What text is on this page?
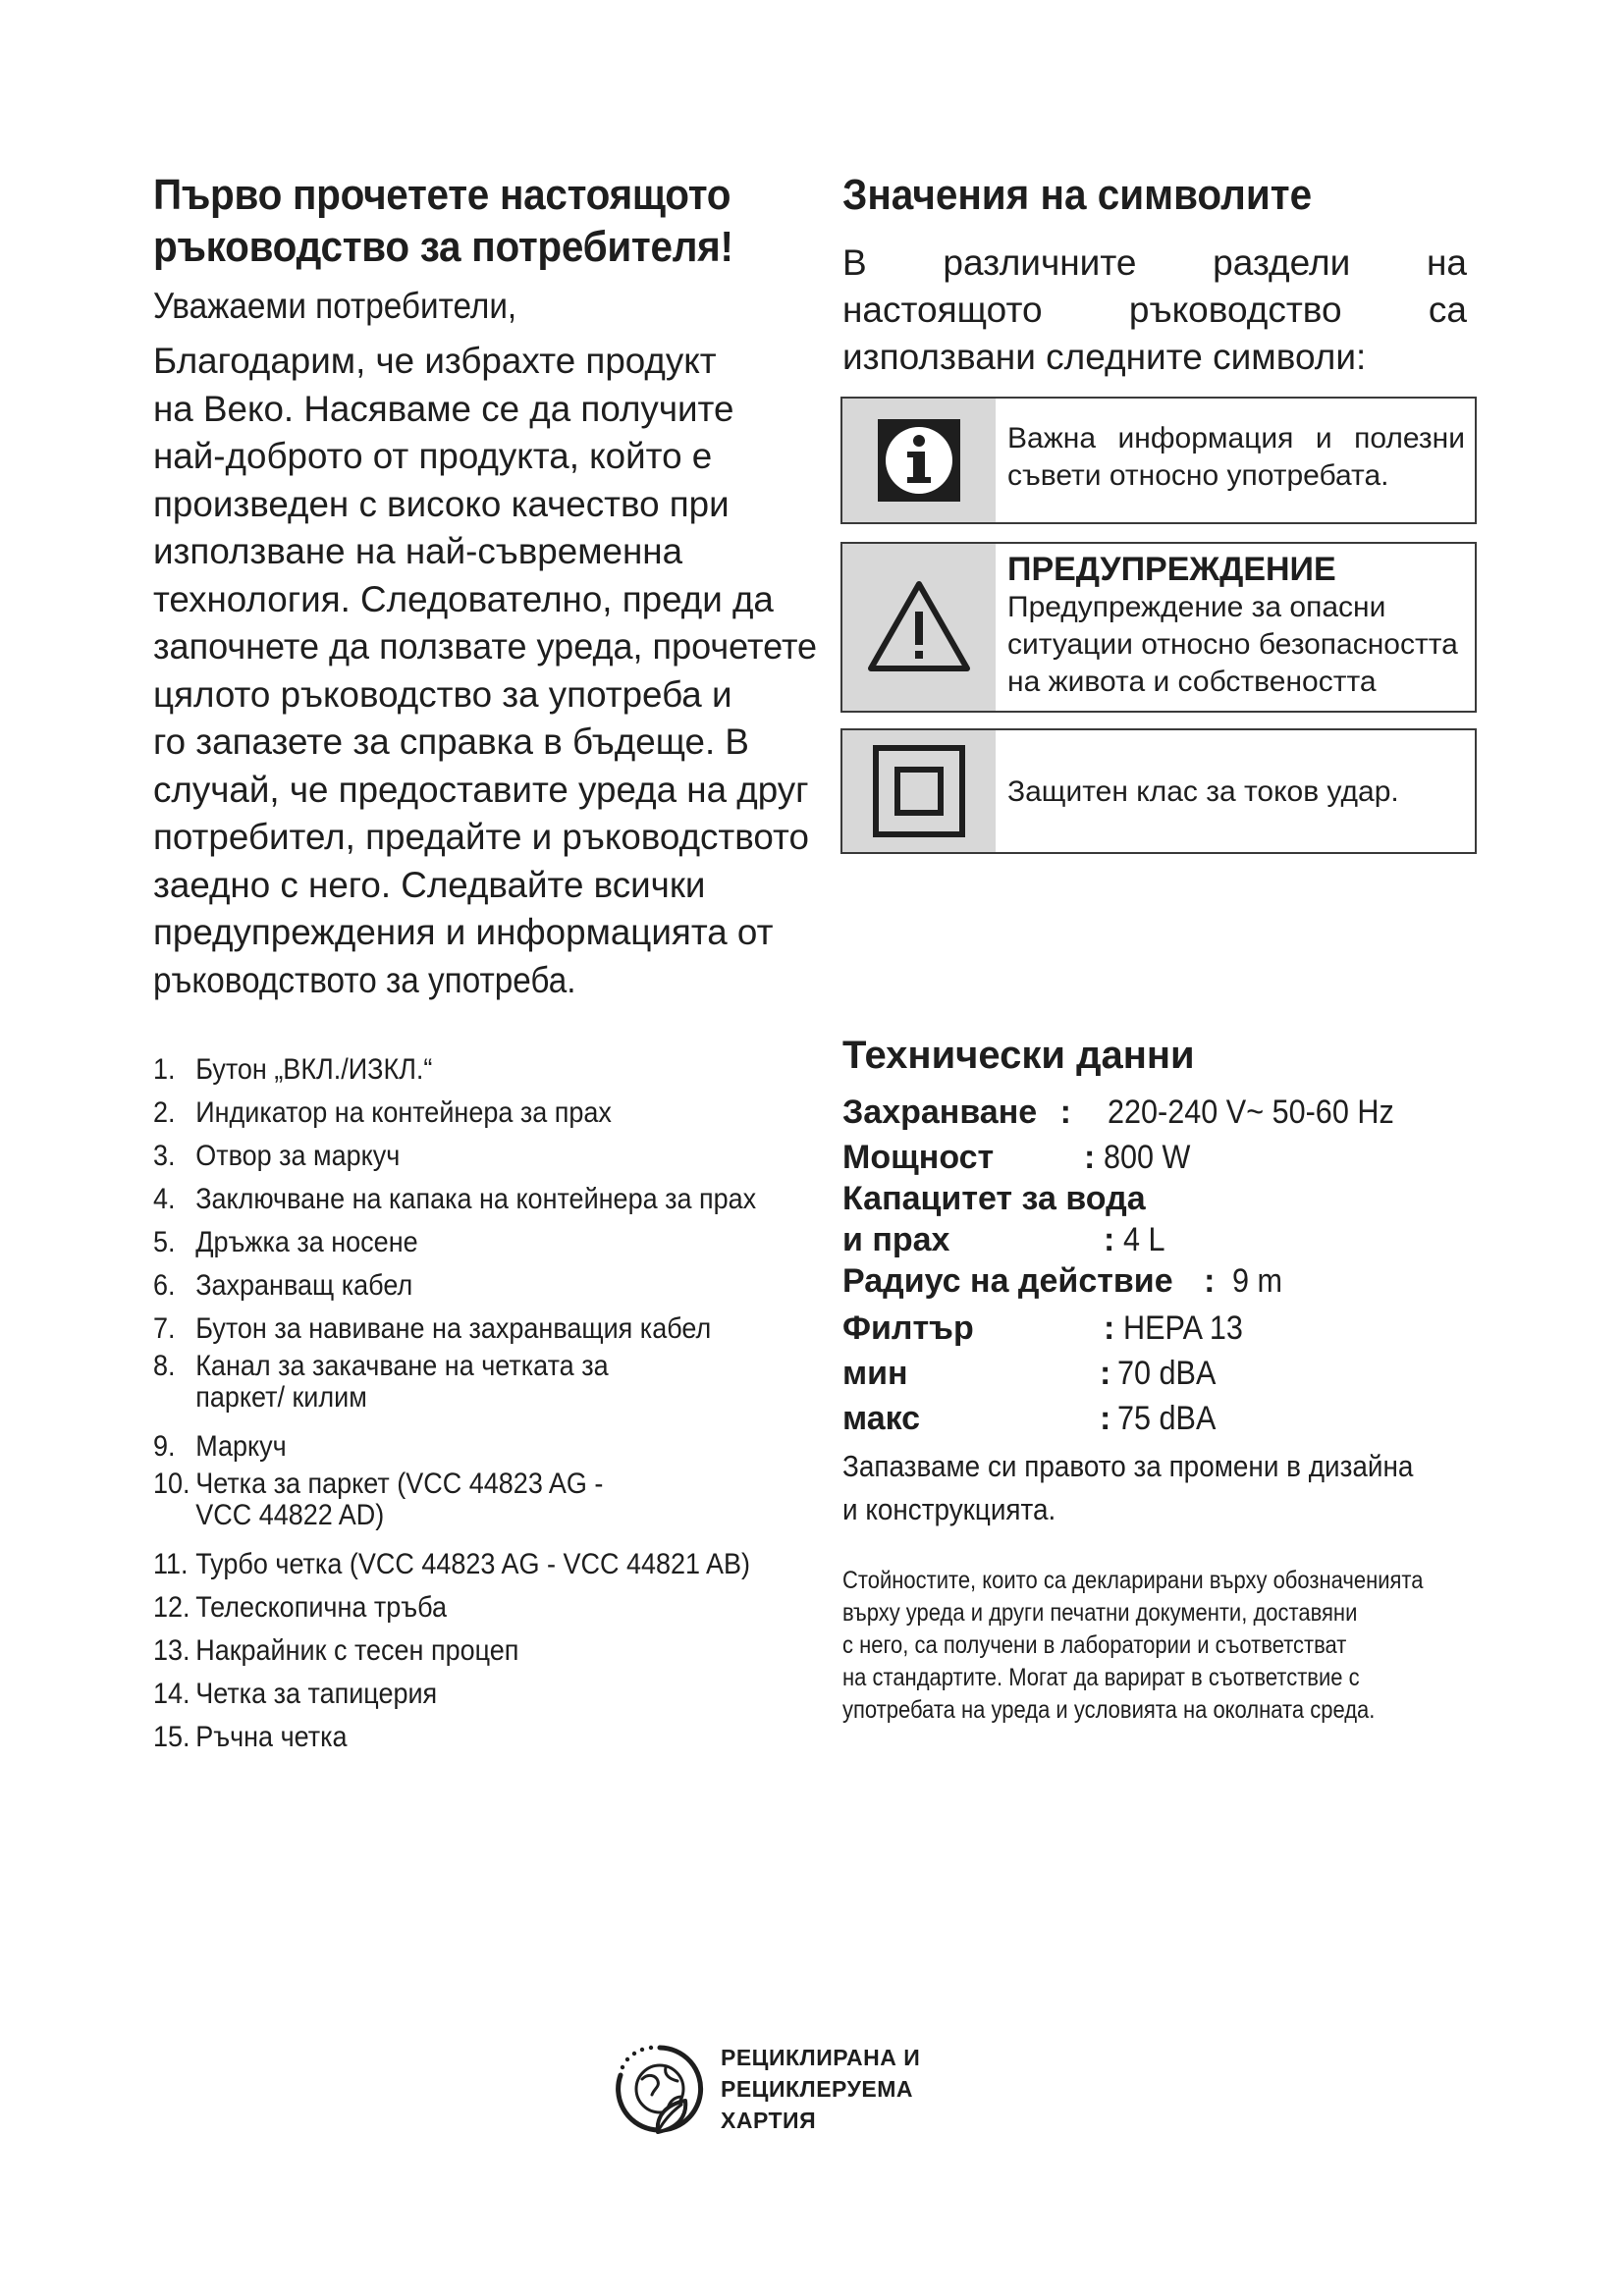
Първо прочетете настоящото
ръководство за потребителя!
Уважаеми потребители,
Благодарим, че избрахте продукт
на Веко. Насяваме се да получите
най-доброто от продукта, който е
произведен с високо качество при
използване на най-съвременна
технология. Следователно, преди да
започнете да ползвате уреда, прочетете
цялото ръководство за употреба и
го запазете за справка в бъдеще. В
случай, че предоставите уреда на друг
потребител, предайте и ръководството
заедно с него. Следвайте всички
предупреждения и информацията от
ръководството за употреба.
1. Бутон „ВКЛ./ИЗКЛ.“
2. Индикатор на контейнера за прах
3. Отвор за маркуч
4. Заключване на капака на контейнера за прах
5. Дръжка за носене
6. Захранващ кабел
7. Бутон за навиване на захранващия кабел
8. Канал за закачване на четката за паркет/ килим
9. Маркуч
10. Четка за паркет (VCC 44823 AG - VCC 44822 AD)
11. Турбо четка (VCC 44823 AG - VCC 44821 AB)
12. Телескопична тръба
13. Накрайник с тесен процеп
14. Четка за тапицерия
15. Ръчна четка
Значения на символите
В различните раздели на настоящото ръководство са използвани следните символи:
Важна информация и полезни съвети относно употребата.
ПРЕДУПРЕЖДЕНИЕ
Предупреждение за опасни
ситуации относно безопасността
на живота и собствеността
Защитен клас за токов удар.
Технически данни
Захранване : 220-240 V~ 50-60 Hz
Мощност	: 800 W
Капацитет за вода
и прах	: 4 L
Радиус на действие : 9 m
Филтър	: HEPA 13
мин	: 70 dBA
макс	: 75 dBA
Запазваме си правото за промени в дизайна и конструкцията.
Стойностите, които са декларирани върху обозначенията
върху уреда и други печатни документи, доставяни
с него, са получени в лаборатории и съответстват
на стандартите. Могат да варират в съответствие с
употребата на уреда и условията на околната среда.
РЕЦИКЛИРАНА И
РЕЦИКЛЕРУЕМА
ХАРТИЯ
